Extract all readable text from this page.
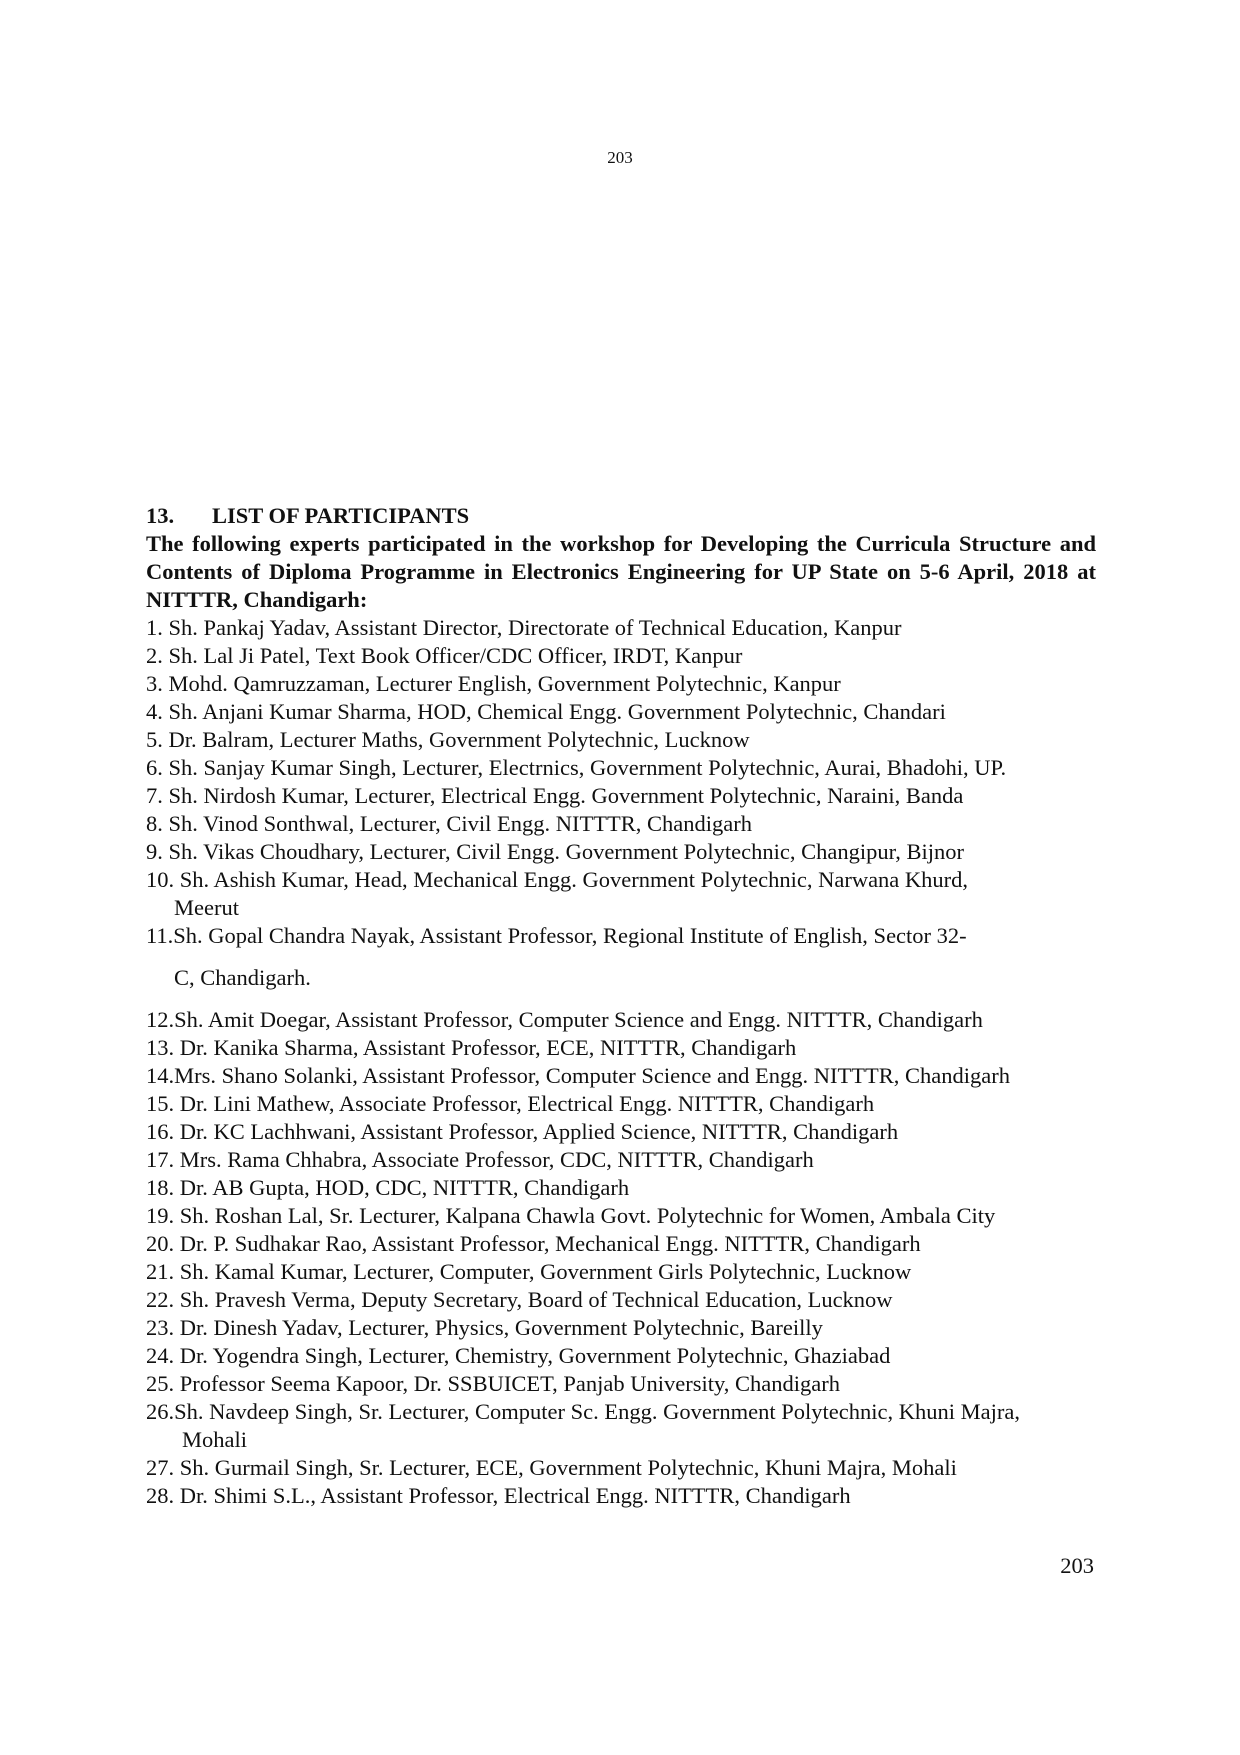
203

13. LIST OF PARTICIPANTS

The following experts participated in the workshop for Developing the Curricula Structure and Contents of Diploma Programme in Electronics Engineering for UP State on 5-6 April, 2018 at NITTTR, Chandigarh:

1. Sh. Pankaj Yadav, Assistant Director, Directorate of Technical Education, Kanpur
2. Sh. Lal Ji Patel, Text Book Officer/CDC Officer, IRDT, Kanpur
3. Mohd. Qamruzzaman, Lecturer English, Government Polytechnic, Kanpur
4. Sh. Anjani Kumar Sharma, HOD, Chemical Engg. Government Polytechnic, Chandari
5. Dr. Balram, Lecturer Maths, Government Polytechnic, Lucknow
6. Sh. Sanjay Kumar Singh, Lecturer, Electrnics, Government Polytechnic, Aurai, Bhadohi, UP.
7. Sh. Nirdosh Kumar, Lecturer, Electrical Engg. Government Polytechnic, Naraini, Banda
8. Sh. Vinod Sonthwal, Lecturer, Civil Engg. NITTTR, Chandigarh
9. Sh. Vikas Choudhary, Lecturer, Civil Engg. Government Polytechnic, Changipur, Bijnor
10. Sh. Ashish Kumar, Head, Mechanical Engg. Government Polytechnic, Narwana Khurd,
Meerut
11.Sh. Gopal Chandra Nayak, Assistant Professor, Regional Institute of English, Sector 32-
C, Chandigarh.
12.Sh. Amit Doegar, Assistant Professor, Computer Science and Engg. NITTTR, Chandigarh
13. Dr. Kanika Sharma, Assistant Professor, ECE, NITTTR, Chandigarh
14.Mrs. Shano Solanki, Assistant Professor, Computer Science and Engg. NITTTR, Chandigarh
15. Dr. Lini Mathew, Associate Professor, Electrical Engg. NITTTR, Chandigarh
16. Dr. KC Lachhwani, Assistant Professor, Applied Science, NITTTR, Chandigarh
17. Mrs. Rama Chhabra, Associate Professor, CDC, NITTTR, Chandigarh
18. Dr. AB Gupta, HOD, CDC, NITTTR, Chandigarh
19. Sh. Roshan Lal, Sr. Lecturer, Kalpana Chawla Govt. Polytechnic for Women, Ambala City
20. Dr. P. Sudhakar Rao, Assistant Professor, Mechanical Engg. NITTTR, Chandigarh
21. Sh. Kamal Kumar, Lecturer, Computer, Government Girls Polytechnic, Lucknow
22. Sh. Pravesh Verma, Deputy Secretary, Board of Technical Education, Lucknow
23. Dr. Dinesh Yadav, Lecturer, Physics, Government Polytechnic, Bareilly
24. Dr. Yogendra Singh, Lecturer, Chemistry, Government Polytechnic, Ghaziabad
25. Professor Seema Kapoor, Dr. SSBUICET, Panjab University, Chandigarh
26.Sh. Navdeep Singh, Sr. Lecturer, Computer Sc. Engg. Government Polytechnic, Khuni Majra,
Mohali
27. Sh. Gurmail Singh, Sr. Lecturer, ECE, Government Polytechnic, Khuni Majra, Mohali
28. Dr. Shimi S.L., Assistant Professor, Electrical Engg. NITTTR, Chandigarh
203
